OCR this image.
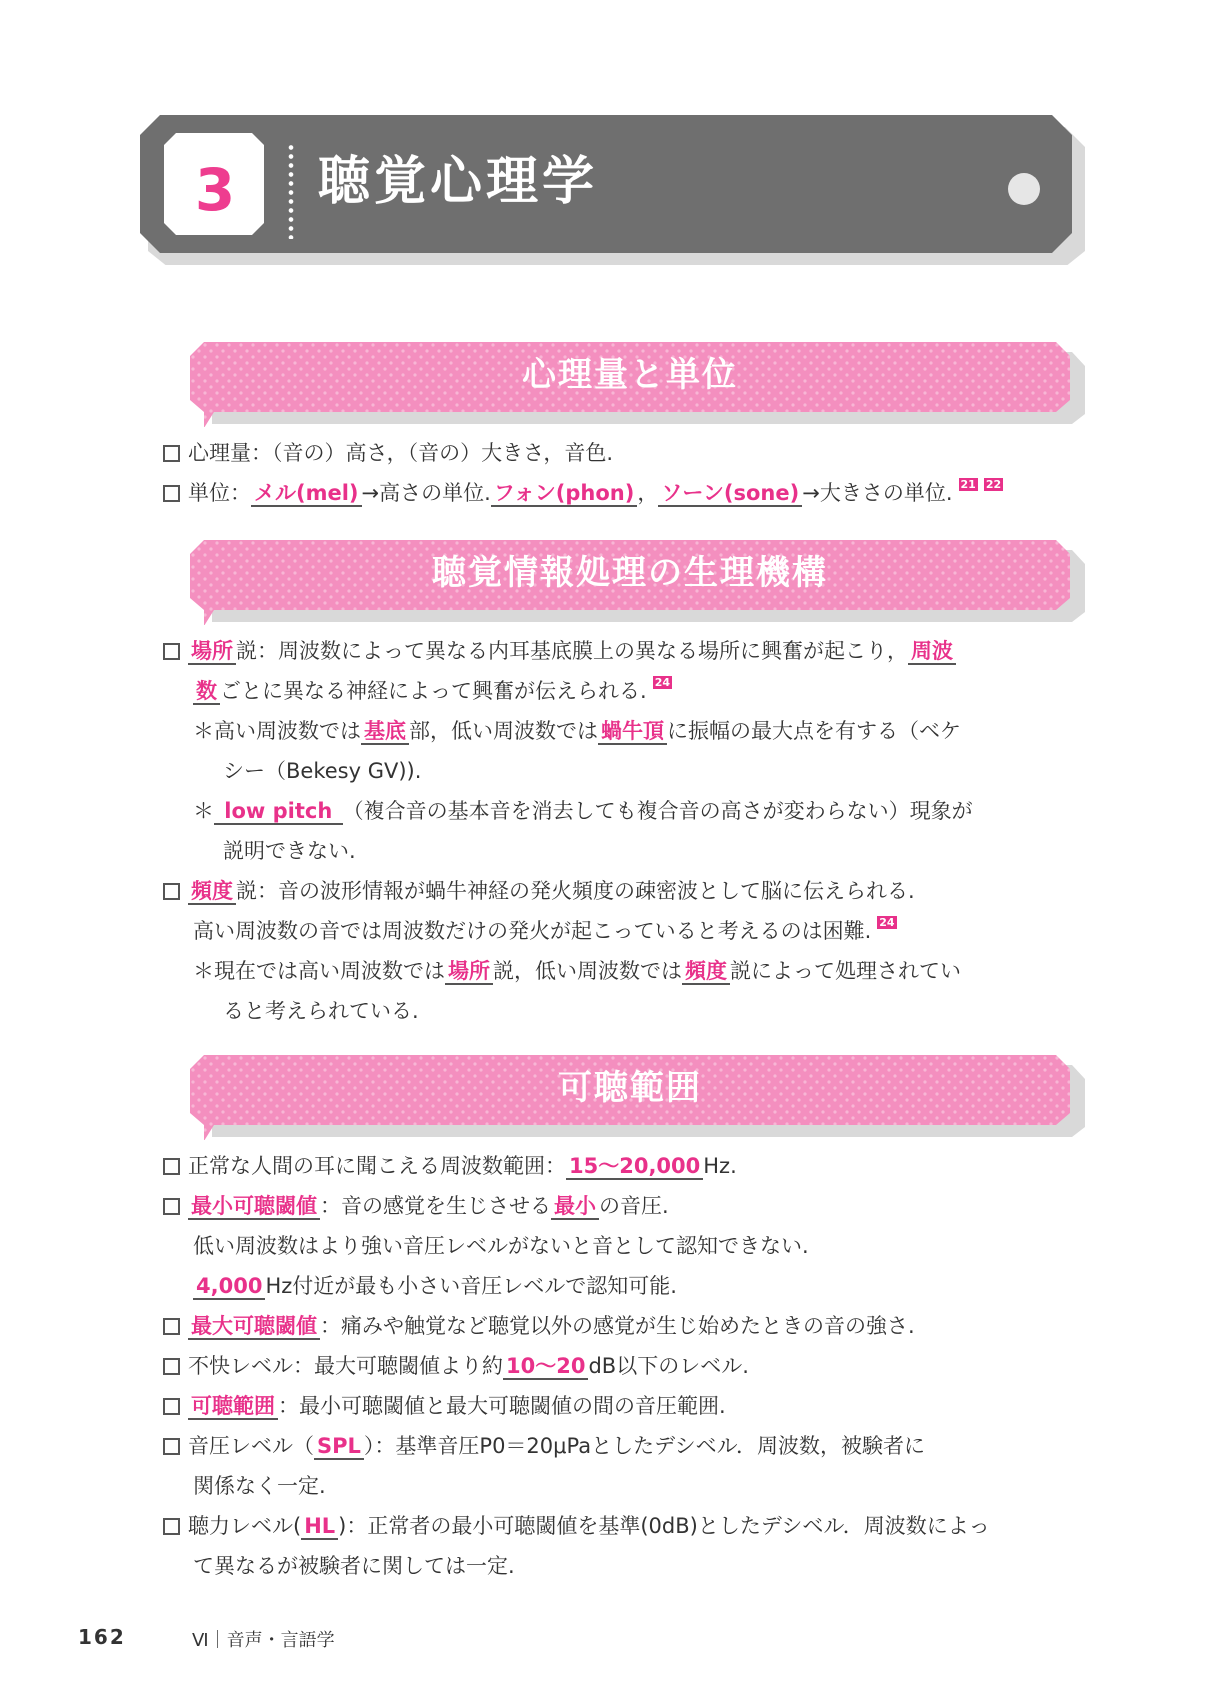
3	聴覚心理学
心理量と単位
心理量：（音の）高さ，（音の）大きさ，音色.
単位： メル(mel) →高さの単位. フォン(phon) ， ソーン(sone) →大きさの単位. 21 22
聴覚情報処理の生理機構
場所 説：周波数によって異なる内耳基底膜上の異なる場所に興奮が起こり， 周波
数 ごとに異なる神経によって興奮が伝えられる. 24
＊高い周波数では 基底 部，低い周波数では 蝸牛頂 に振幅の最大点を有する（ベケ
シー（Bekesy GV)).
＊ low pitch （複合音の基本音を消去しても複合音の高さが変わらない）現象が
説明できない.
頻度 説：音の波形情報が蝸牛神経の発火頻度の疎密波として脳に伝えられる.
高い周波数の音では周波数だけの発火が起こっていると考えるのは困難. 24
＊現在では高い周波数では 場所 説，低い周波数では 頻度 説によって処理されてい
ると考えられている.
可聴範囲
正常な人間の耳に聞こえる周波数範囲： 15～20,000 Hz.
最小可聴閾値 ：音の感覚を生じさせる 最小 の音圧.
低い周波数はより強い音圧レベルがないと音として認知できない.
4,000 Hz付近が最も小さい音圧レベルで認知可能.
最大可聴閾値 ：痛みや触覚など聴覚以外の感覚が生じ始めたときの音の強さ.
不快レベル：最大可聴閾値より約 10～20 dB以下のレベル.
可聴範囲 ：最小可聴閾値と最大可聴閾値の間の音圧範囲.
音圧レベル（ SPL ）：基準音圧P0＝20μPaとしたデシベル．周波数，被験者に
関係なく一定.
聴力レベル( HL )：正常者の最小可聴閾値を基準(0dB)としたデシベル．周波数によっ
て異なるが被験者に関しては一定.
162	Ⅵ｜音声・言語学
